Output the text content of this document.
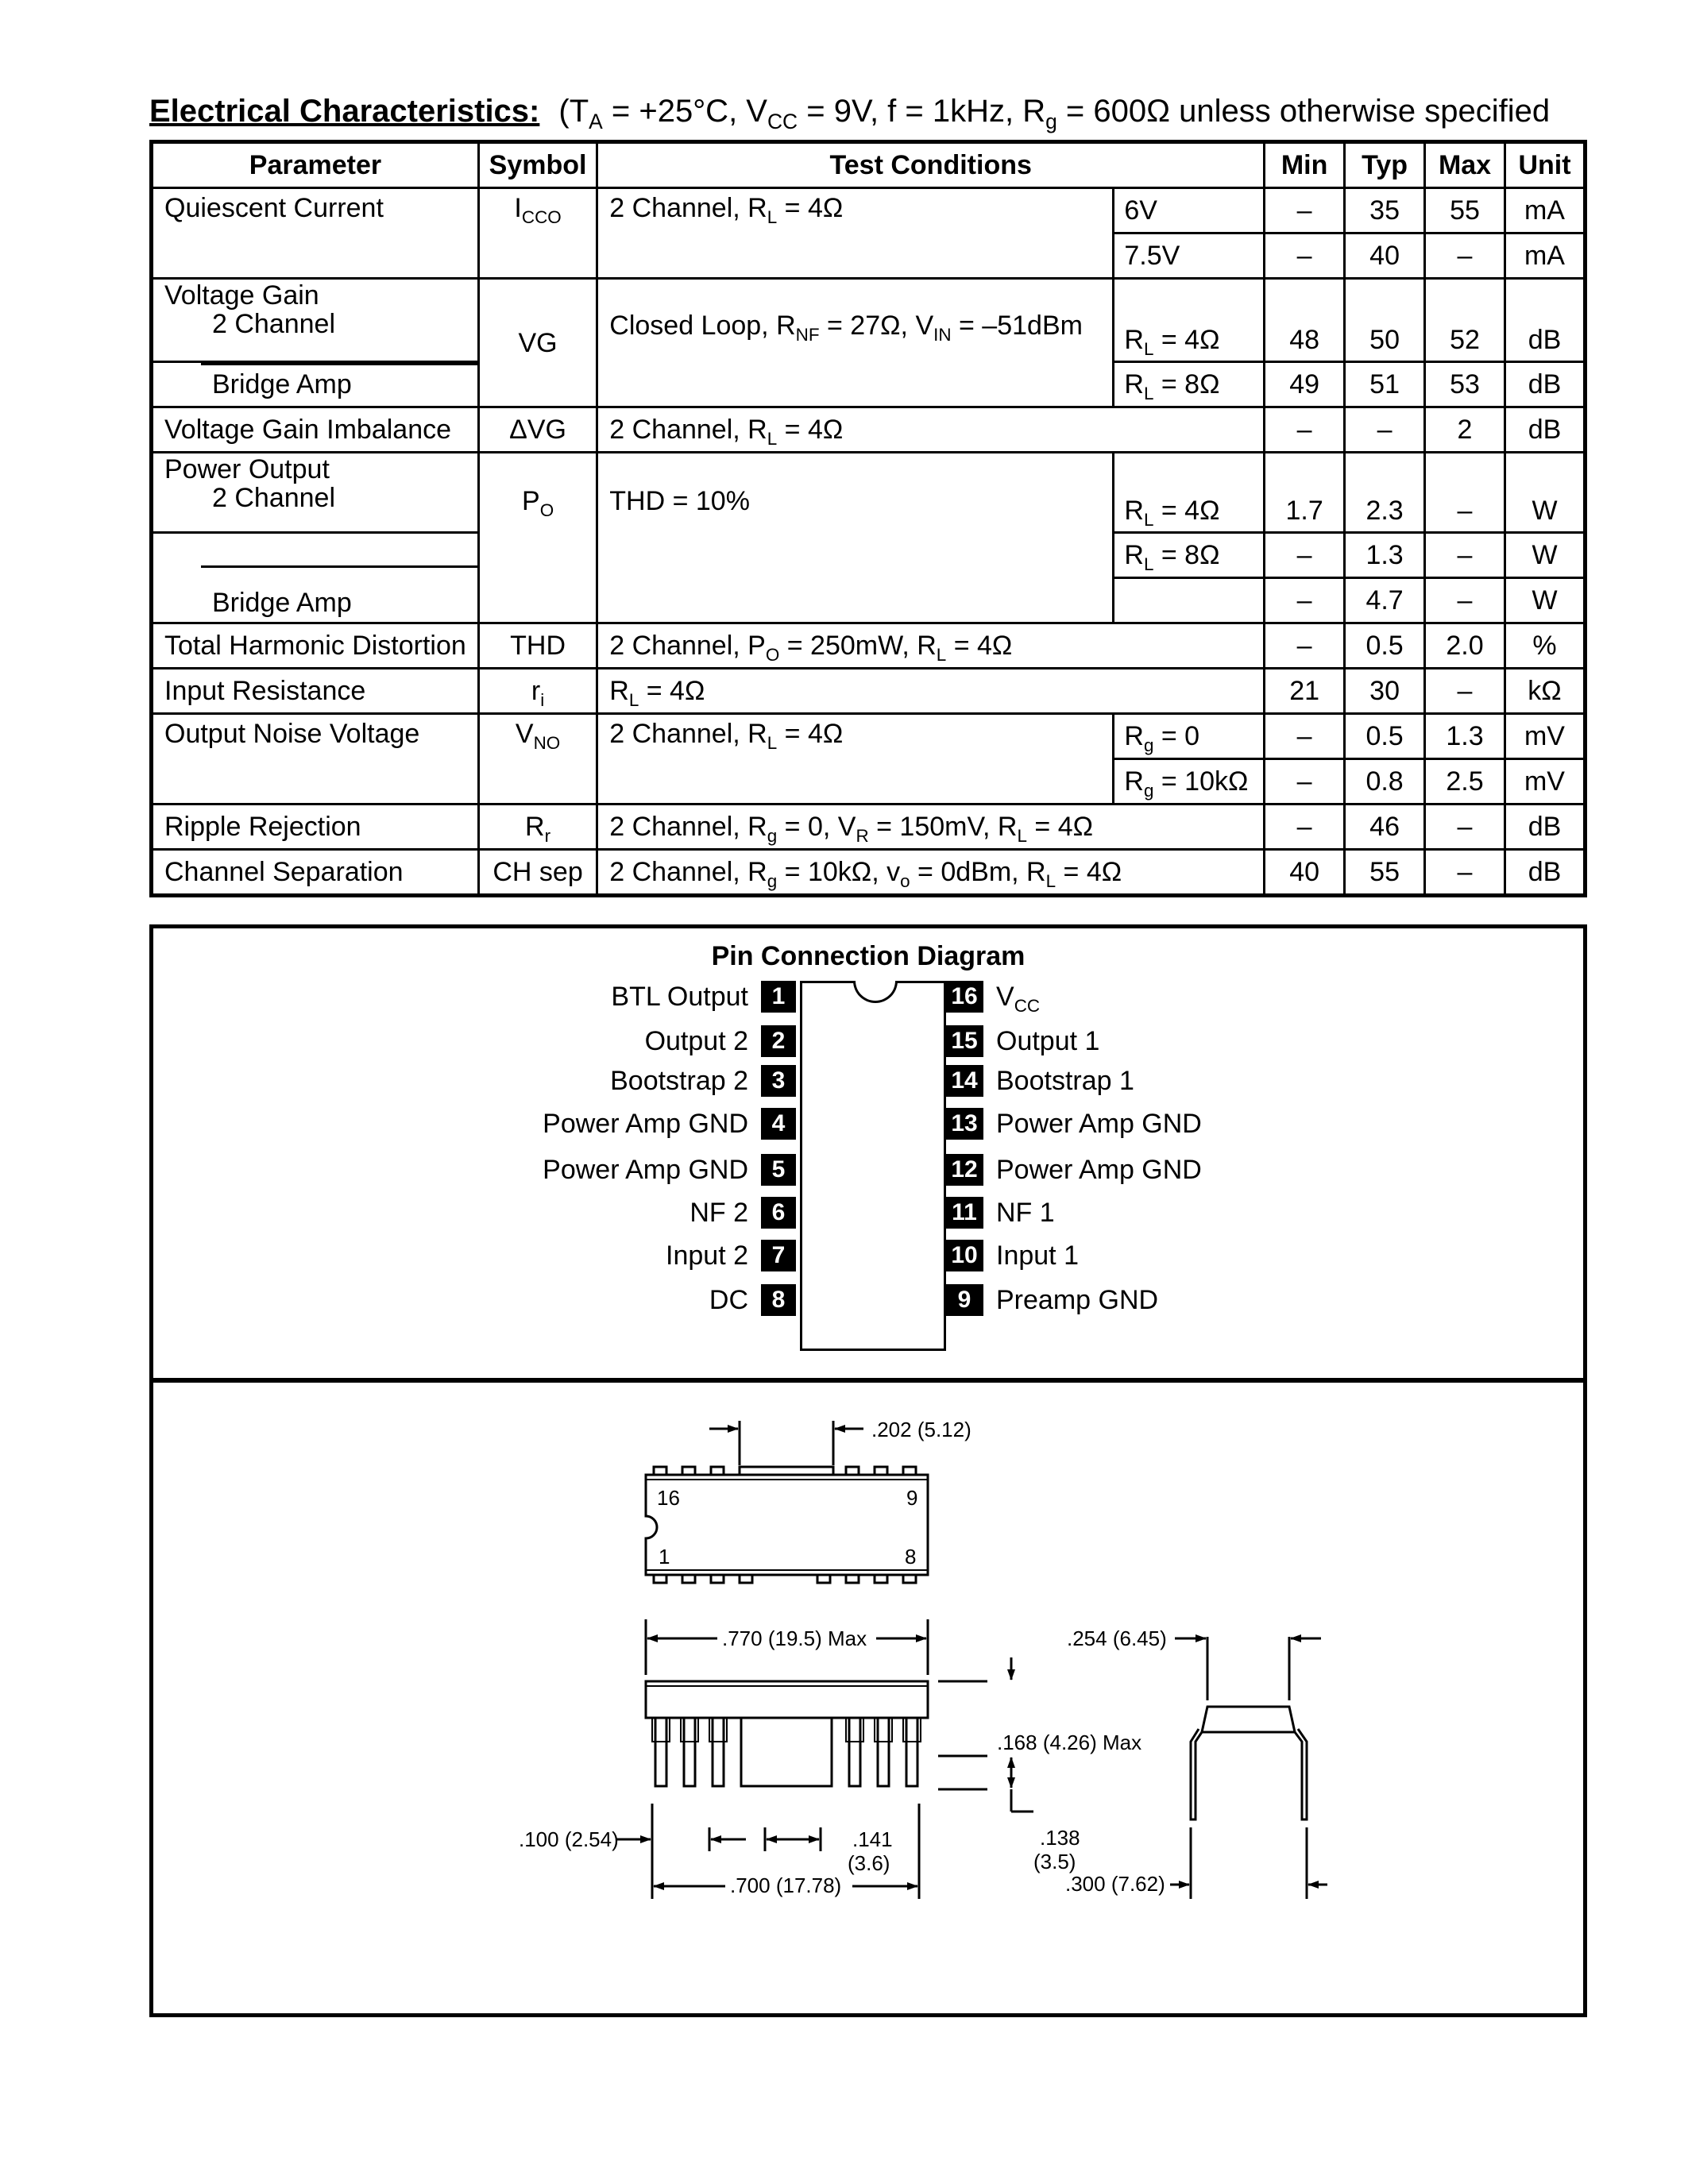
Electrical Characteristics: ($T_A = +25^\circ C$, $V_{CC} = 9V$, f = 1kHz, $R_g = 600\Omega$ unless otherwise specified
Parameter	Symbol	Test Conditions		Min	Typ	Max	Unit
Quiescent Current	$I_{CCO}$	2 Channel, $R_L = 4\Omega$	6V	–	35	55	mA
			7.5V	–	40	–	mA
Voltage Gain
2 Channel	VG	Closed Loop, $R_{NF} = 27\Omega$, $V_{IN} = -51dBm$	$R_L = 4\Omega$	48	50	52	dB

Bridge Amp			$R_L = 8\Omega$	49	51	53	dB
Voltage Gain Imbalance	ΔVG	2 Channel, $R_L = 4\Omega$		–	–	2	dB
Power Output
2 Channel	$P_O$	THD = 10%	$R_L = 4\Omega$	1.7	2.3	–	W

Bridge Amp			$R_L = 8\Omega$	–	1.3	–	W
				–	4.7	–	W
Total Harmonic Distortion	THD	2 Channel, $P_O = 250mW$, $R_L = 4\Omega$		–	0.5	2.0	%
Input Resistance	$r_i$	$R_L = 4\Omega$		21	30	–	kΩ
Output Noise Voltage	$V_{NO}$	2 Channel, $R_L = 4\Omega$	$R_g = 0$	–	0.5	1.3	mV
			$R_g = 10k\Omega$	–	0.8	2.5	mV
Ripple Rejection	$R_r$	2 Channel, $R_g = 0$, $V_R = 150mV$, $R_L = 4\Omega$		–	46	–	dB
Channel Separation	CH sep	2 Channel, $R_g = 10k\Omega$, $v_o = 0dBm$, $R_L = 4\Omega$		40	55	–	dB
Pin Connection Diagram
BTL Output 1
Output 2 2
Bootstrap 2 3
Power Amp GND 4
Power Amp GND 5
NF 2 6
Input 2 7
DC 8
16 $V_{CC}$
15 Output 1
14 Bootstrap 1
13 Power Amp GND
12 Power Amp GND
11 NF 1
10 Input 1
9 Preamp GND
.202 (5.12)
16	9
1	8
.770 (19.5) Max	.254 (6.45)
.168 (4.26) Max
.138
(3.5)
.100 (2.54)	.141
(3.6)
.700 (17.78)	.300 (7.62)
